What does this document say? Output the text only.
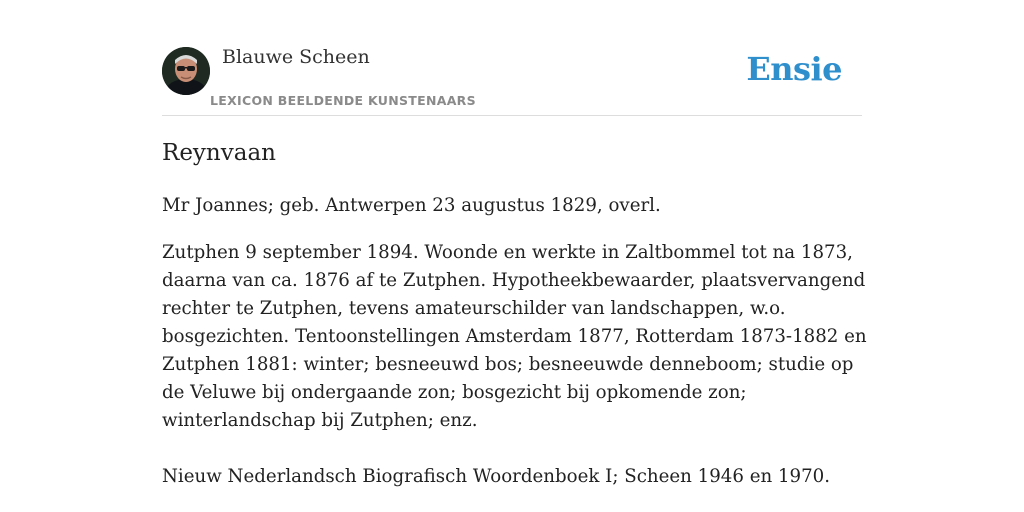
Blauwe Scheen
LEXICON BEELDENDE KUNSTENAARS
Ensie
Reynvaan

Mr Joannes; geb. Antwerpen 23 augustus 1829, overl.

Zutphen 9 september 1894. Woonde en werkte in Zaltbommel tot na 1873, daarna van ca. 1876 af te Zutphen. Hypotheekbewaarder, plaatsvervangend rechter te Zutphen, tevens amateurschilder van landschappen, w.o. bosgezichten. Tentoonstellingen Amsterdam 1877, Rotterdam 1873-1882 en Zutphen 1881: winter; besneeuwd bos; besneeuwde denneboom; studie op de Veluwe bij ondergaande zon; bosgezicht bij opkomende zon; winterlandschap bij Zutphen; enz.

Nieuw Nederlandsch Biografisch Woordenboek I; Scheen 1946 en 1970.
